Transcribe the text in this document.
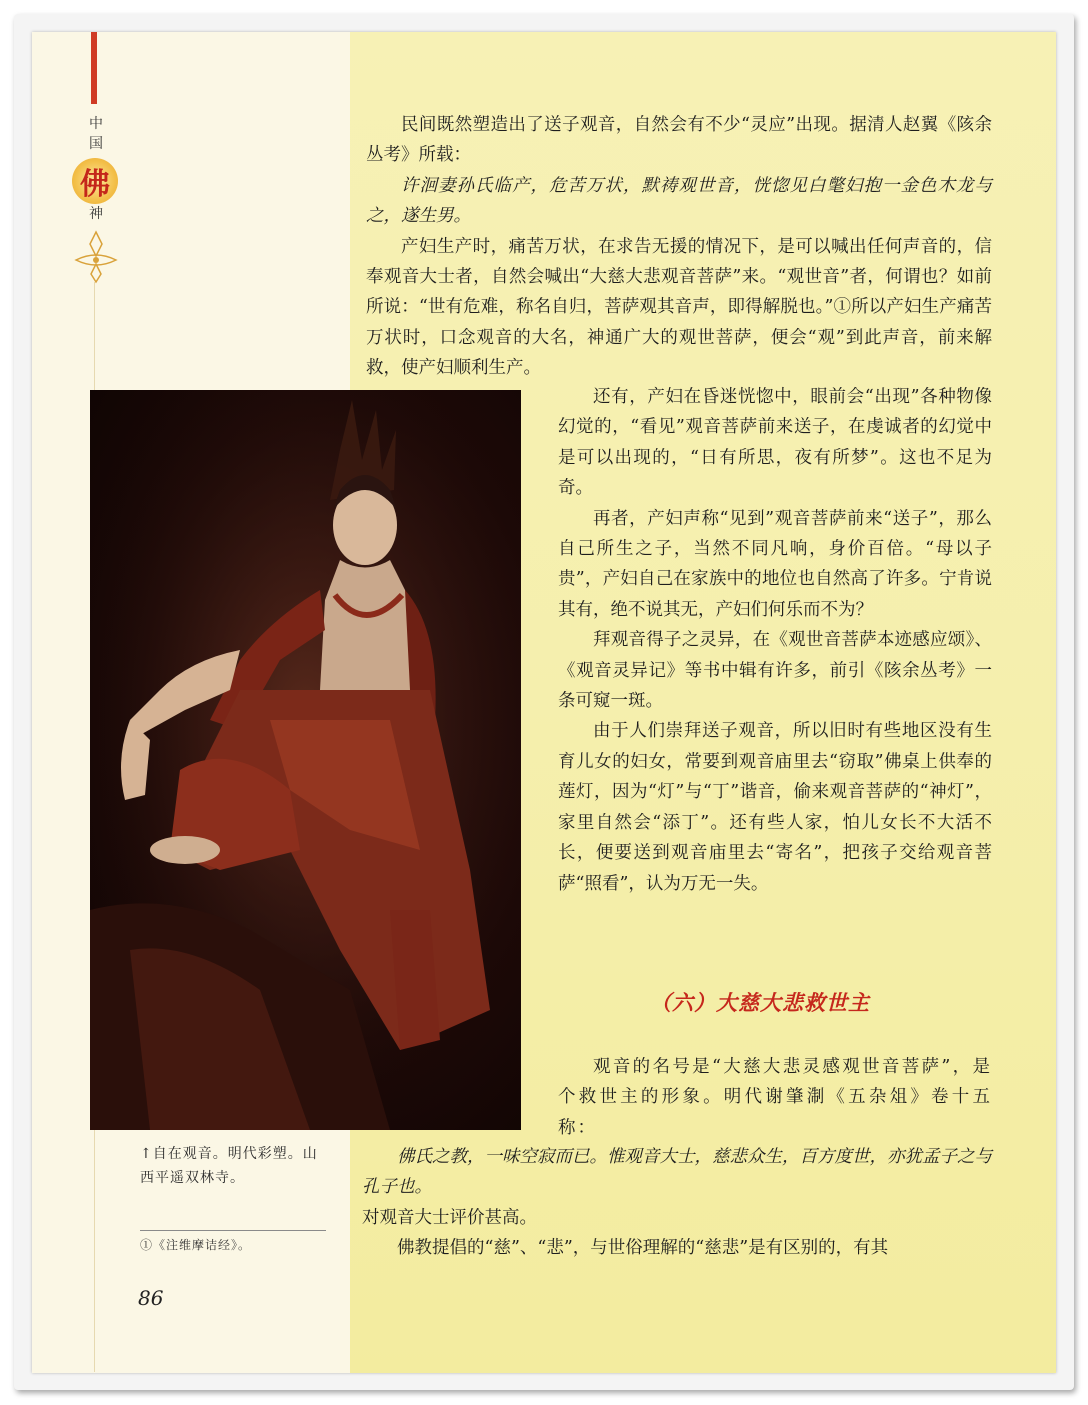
中
国
佛
神
↑自在观音。明代彩塑。山西平遥双林寺。
①《注维摩诘经》。
86

民间既然塑造出了送子观音，自然会有不少“灵应”出现。据清人赵翼《陔余丛考》所载：

许洄妻孙氏临产，危苦万状，默祷观世音，恍惚见白氅妇抱一金色木龙与之，遂生男。

产妇生产时，痛苦万状，在求告无援的情况下，是可以喊出任何声音的，信奉观音大士者，自然会喊出“大慈大悲观音菩萨”来。“观世音”者，何谓也？如前所说：“世有危难，称名自归，菩萨观其音声，即得解脱也。”①所以产妇生产痛苦万状时，口念观音的大名，神通广大的观世菩萨，便会“观”到此声音，前来解救，使产妇顺利生产。

还有，产妇在昏迷恍惚中，眼前会“出现”各种物像幻觉的，“看见”观音菩萨前来送子，在虔诚者的幻觉中是可以出现的，“日有所思，夜有所梦”。这也不足为奇。

再者，产妇声称“见到”观音菩萨前来“送子”，那么自己所生之子，当然不同凡响，身价百倍。“母以子贵”，产妇自己在家族中的地位也自然高了许多。宁肯说其有，绝不说其无，产妇们何乐而不为？

拜观音得子之灵异，在《观世音菩萨本迹感应颂》、《观音灵异记》等书中辑有许多，前引《陔余丛考》一条可窥一斑。

由于人们崇拜送子观音，所以旧时有些地区没有生育儿女的妇女，常要到观音庙里去“窃取”佛桌上供奉的莲灯，因为“灯”与“丁”谐音，偷来观音菩萨的“神灯”，家里自然会“添丁”。还有些人家，怕儿女长不大活不长，便要送到观音庙里去“寄名”，把孩子交给观音菩萨“照看”，认为万无一失。

（六）大慈大悲救世主

观音的名号是“大慈大悲灵感观世音菩萨”，是个救世主的形象。明代谢肇淛《五杂俎》卷十五称：

佛氏之教，一味空寂而已。惟观音大士，慈悲众生，百方度世，亦犹孟子之与孔子也。

对观音大士评价甚高。

佛教提倡的“慈”、“悲”，与世俗理解的“慈悲”是有区别的，有其
